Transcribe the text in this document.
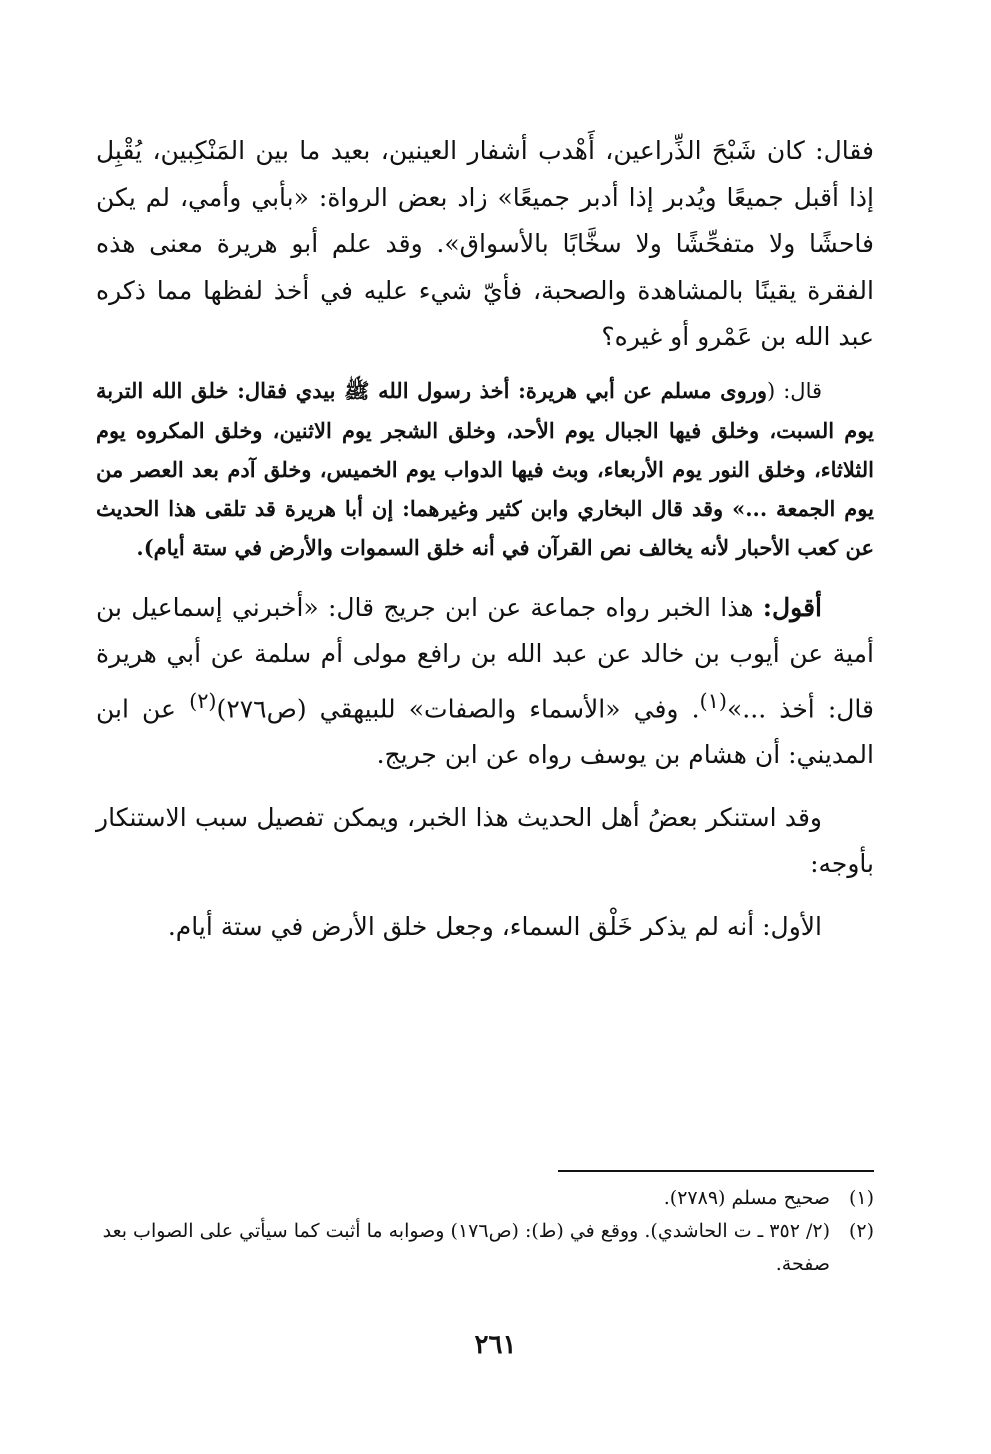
فقال: كان شَبْحَ الذِّراعين، أَهْدب أشفار العينين، بعيد ما بين المَنْكِبين، يُقْبِل إذا أقبل جميعًا ويُدبر إذا أدبر جميعًا» زاد بعض الرواة: «بأبي وأمي، لم يكن فاحشًا ولا متفحِّشًا ولا سخَّابًا بالأسواق». وقد علم أبو هريرة معنى هذه الفقرة يقينًا بالمشاهدة والصحبة، فأيّ شيء عليه في أخذ لفظها مما ذكره عبد الله بن عَمْرو أو غيره؟

قال: (وروى مسلم عن أبي هريرة: أخذ رسول الله ﷺ بيدي فقال: خلق الله التربة يوم السبت، وخلق فيها الجبال يوم الأحد، وخلق الشجر يوم الاثنين، وخلق المكروه يوم الثلاثاء، وخلق النور يوم الأربعاء، وبث فيها الدواب يوم الخميس، وخلق آدم بعد العصر من يوم الجمعة ...» وقد قال البخاري وابن كثير وغيرهما: إن أبا هريرة قد تلقى هذا الحديث عن كعب الأحبار لأنه يخالف نص القرآن في أنه خلق السموات والأرض في ستة أيام).

أقول: هذا الخبر رواه جماعة عن ابن جريج قال: «أخبرني إسماعيل بن أمية عن أيوب بن خالد عن عبد الله بن رافع مولى أم سلمة عن أبي هريرة قال: أخذ ...»$^{(١)}$. وفي «الأسماء والصفات» للبيهقي (ص٢٧٦)$^{(٢)}$ عن ابن المديني: أن هشام بن يوسف رواه عن ابن جريج.

وقد استنكر بعضُ أهل الحديث هذا الخبر، ويمكن تفصيل سبب الاستنكار بأوجه:

الأول: أنه لم يذكر خَلْق السماء، وجعل خلق الأرض في ستة أيام.

(١)
صحيح مسلم (٢٧٨٩).

(٢)
(٢/ ٣٥٢ ـ ت الحاشدي). ووقع في (ط): (ص١٧٦) وصوابه ما أثبت كما سيأتي على الصواب بعد صفحة.

٢٦١
